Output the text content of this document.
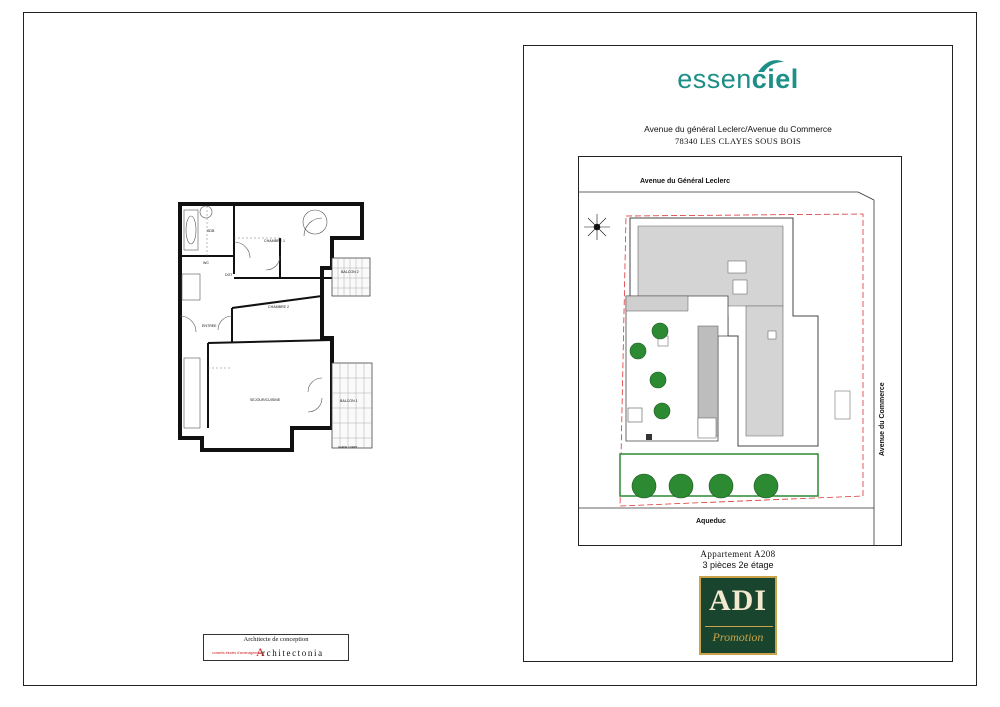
SDB
CHAMBRE 1
BALCON 2
WC
DGT
CHAMBRE 2
ENTREE
SEJOUR/CUISINE	BALCON 1
GARDE CORPS
Architecte de conception
conseils études d'aménagement
A
rchitectonia
essenciel
Avenue du général Leclerc/Avenue du Commerce
78340 LES CLAYES SOUS BOIS
Avenue du Général Leclerc
Avenue du Commerce
Aqueduc
Appartement A208
3 pièces 2e étage
ADI
Promotion
